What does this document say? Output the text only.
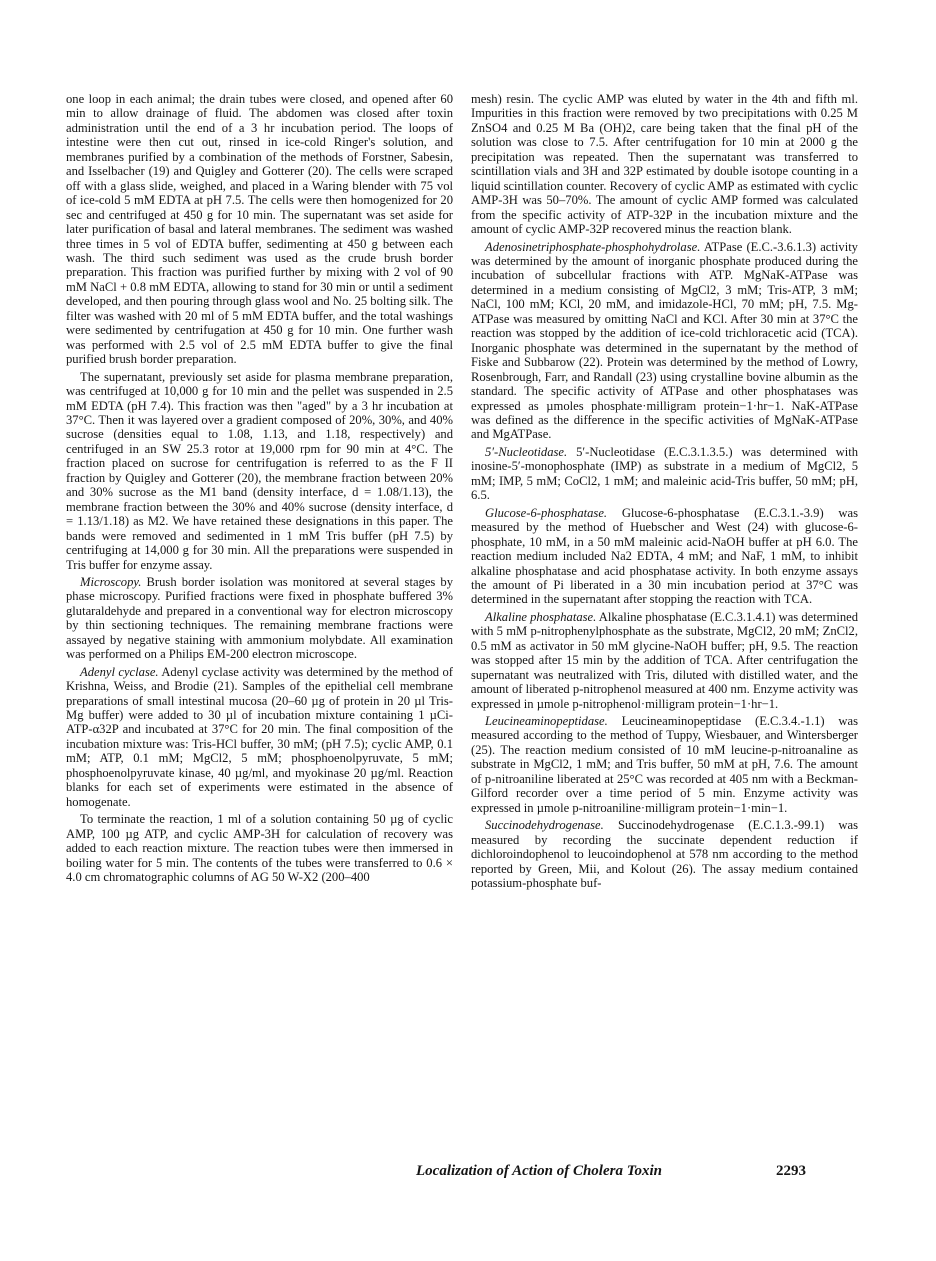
one loop in each animal; the drain tubes were closed, and opened after 60 min to allow drainage of fluid. The abdomen was closed after toxin administration until the end of a 3 hr incubation period. The loops of intestine were then cut out, rinsed in ice-cold Ringer's solution, and membranes purified by a combination of the methods of Forstner, Sabesin, and Isselbacher (19) and Quigley and Gotterer (20). The cells were scraped off with a glass slide, weighed, and placed in a Waring blender with 75 vol of ice-cold 5 mM EDTA at pH 7.5. The cells were then homogenized for 20 sec and centrifuged at 450 g for 10 min. The supernatant was set aside for later purification of basal and lateral membranes. The sediment was washed three times in 5 vol of EDTA buffer, sedimenting at 450 g between each wash. The third such sediment was used as the crude brush border preparation. This fraction was purified further by mixing with 2 vol of 90 mM NaCl + 0.8 mM EDTA, allowing to stand for 30 min or until a sediment developed, and then pouring through glass wool and No. 25 bolting silk. The filter was washed with 20 ml of 5 mM EDTA buffer, and the total washings were sedimented by centrifugation at 450 g for 10 min. One further wash was performed with 2.5 vol of 2.5 mM EDTA buffer to give the final purified brush border preparation.

The supernatant, previously set aside for plasma membrane preparation, was centrifuged at 10,000 g for 10 min and the pellet was suspended in 2.5 mM EDTA (pH 7.4). This fraction was then "aged" by a 3 hr incubation at 37°C. Then it was layered over a gradient composed of 20%, 30%, and 40% sucrose (densities equal to 1.08, 1.13, and 1.18, respectively) and centrifuged in an SW 25.3 rotor at 19,000 rpm for 90 min at 4°C. The fraction placed on sucrose for centrifugation is referred to as the F II fraction by Quigley and Gotterer (20), the membrane fraction between 20% and 30% sucrose as the M1 band (density interface, d = 1.08/1.13), the membrane fraction between the 30% and 40% sucrose (density interface, d = 1.13/1.18) as M2. We have retained these designations in this paper. The bands were removed and sedimented in 1 mM Tris buffer (pH 7.5) by centrifuging at 14,000 g for 30 min. All the preparations were suspended in Tris buffer for enzyme assay.

Microscopy. Brush border isolation was monitored at several stages by phase microscopy. Purified fractions were fixed in phosphate buffered 3% glutaraldehyde and prepared in a conventional way for electron microscopy by thin sectioning techniques. The remaining membrane fractions were assayed by negative staining with ammonium molybdate. All examination was performed on a Philips EM-200 electron microscope.

Adenyl cyclase. Adenyl cyclase activity was determined by the method of Krishna, Weiss, and Brodie (21). Samples of the epithelial cell membrane preparations of small intestinal mucosa (20–60 µg of protein in 20 µl Tris-Mg buffer) were added to 30 µl of incubation mixture containing 1 µCi-ATP-α32P and incubated at 37°C for 20 min. The final composition of the incubation mixture was: Tris-HCl buffer, 30 mM; (pH 7.5); cyclic AMP, 0.1 mM; ATP, 0.1 mM; MgCl2, 5 mM; phosphoenolpyruvate, 5 mM; phosphoenolpyruvate kinase, 40 µg/ml, and myokinase 20 µg/ml. Reaction blanks for each set of experiments were estimated in the absence of homogenate.

To terminate the reaction, 1 ml of a solution containing 50 µg of cyclic AMP, 100 µg ATP, and cyclic AMP-3H for calculation of recovery was added to each reaction mixture. The reaction tubes were then immersed in boiling water for 5 min. The contents of the tubes were transferred to 0.6 × 4.0 cm chromatographic columns of AG 50 W-X2 (200–400

mesh) resin. The cyclic AMP was eluted by water in the 4th and fifth ml. Impurities in this fraction were removed by two precipitations with 0.25 M ZnSO4 and 0.25 M Ba (OH)2, care being taken that the final pH of the solution was close to 7.5. After centrifugation for 10 min at 2000 g the precipitation was repeated. Then the supernatant was transferred to scintillation vials and 3H and 32P estimated by double isotope counting in a liquid scintillation counter. Recovery of cyclic AMP as estimated with cyclic AMP-3H was 50–70%. The amount of cyclic AMP formed was calculated from the specific activity of ATP-32P in the incubation mixture and the amount of cyclic AMP-32P recovered minus the reaction blank.

Adenosinetriphosphate-phosphohydrolase. ATPase (E.C.-3.6.1.3) activity was determined by the amount of inorganic phosphate produced during the incubation of subcellular fractions with ATP. MgNaK-ATPase was determined in a medium consisting of MgCl2, 3 mM; Tris-ATP, 3 mM; NaCl, 100 mM; KCl, 20 mM, and imidazole-HCl, 70 mM; pH, 7.5. Mg-ATPase was measured by omitting NaCl and KCl. After 30 min at 37°C the reaction was stopped by the addition of ice-cold trichloracetic acid (TCA). Inorganic phosphate was determined in the supernatant by the method of Fiske and Subbarow (22). Protein was determined by the method of Lowry, Rosenbrough, Farr, and Randall (23) using crystalline bovine albumin as the standard. The specific activity of ATPase and other phosphatases was expressed as µmoles phosphate·milligram protein−1·hr−1. NaK-ATPase was defined as the difference in the specific activities of MgNaK-ATPase and MgATPase.

5′-Nucleotidase. 5′-Nucleotidase (E.C.3.1.3.5.) was determined with inosine-5′-monophosphate (IMP) as substrate in a medium of MgCl2, 5 mM; IMP, 5 mM; CoCl2, 1 mM; and maleinic acid-Tris buffer, 50 mM; pH, 6.5.

Glucose-6-phosphatase. Glucose-6-phosphatase (E.C.3.1.-3.9) was measured by the method of Huebscher and West (24) with glucose-6-phosphate, 10 mM, in a 50 mM maleinic acid-NaOH buffer at pH 6.0. The reaction medium included Na2 EDTA, 4 mM; and NaF, 1 mM, to inhibit alkaline phosphatase and acid phosphatase activity. In both enzyme assays the amount of Pi liberated in a 30 min incubation period at 37°C was determined in the supernatant after stopping the reaction with TCA.

Alkaline phosphatase. Alkaline phosphatase (E.C.3.1.4.1) was determined with 5 mM p-nitrophenylphosphate as the substrate, MgCl2, 20 mM; ZnCl2, 0.5 mM as activator in 50 mM glycine-NaOH buffer; pH, 9.5. The reaction was stopped after 15 min by the addition of TCA. After centrifugation the supernatant was neutralized with Tris, diluted with distilled water, and the amount of liberated p-nitrophenol measured at 400 nm. Enzyme activity was expressed in µmole p-nitrophenol·milligram protein−1·hr−1.

Leucineaminopeptidase. Leucineaminopeptidase (E.C.3.4.-1.1) was measured according to the method of Tuppy, Wiesbauer, and Wintersberger (25). The reaction medium consisted of 10 mM leucine-p-nitroanaline as substrate in MgCl2, 1 mM; and Tris buffer, 50 mM at pH, 7.6. The amount of p-nitroaniline liberated at 25°C was recorded at 405 nm with a Beckman-Gilford recorder over a time period of 5 min. Enzyme activity was expressed in µmole p-nitroaniline·milligram protein−1·min−1.

Succinodehydrogenase. Succinodehydrogenase (E.C.1.3.-99.1) was measured by recording the succinate dependent reduction if dichloroindophenol to leucoindophenol at 578 nm according to the method reported by Green, Mii, and Kolout (26). The assay medium contained potassium-phosphate buf-

Localization of Action of Cholera Toxin	2293
